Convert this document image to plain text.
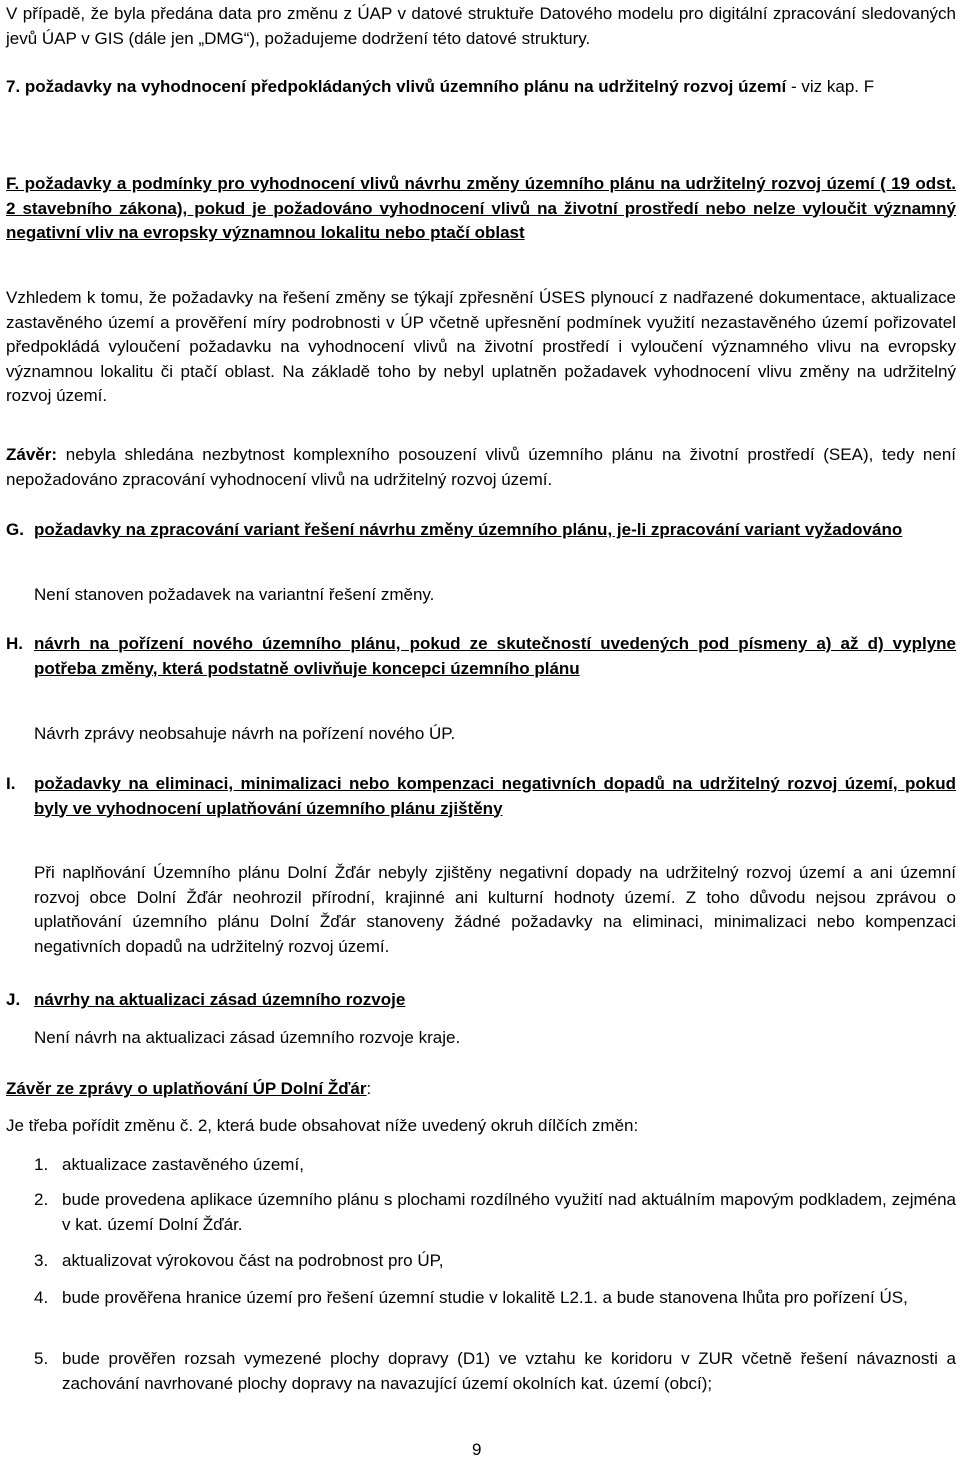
V případě, že byla předána data pro změnu z ÚAP v datové struktuře Datového modelu pro digitální zpracování sledovaných jevů ÚAP v GIS (dále jen „DMG“), požadujeme dodržení této datové struktury.

7. požadavky na vyhodnocení předpokládaných vlivů územního plánu na udržitelný rozvoj území - viz kap. F

F. požadavky a podmínky pro vyhodnocení vlivů návrhu změny územního plánu na udržitelný rozvoj území ( 19 odst. 2 stavebního zákona), pokud je požadováno vyhodnocení vlivů na životní prostředí nebo nelze vyloučit významný negativní vliv na evropsky významnou lokalitu nebo ptačí oblast

Vzhledem k tomu, že požadavky na řešení změny se týkají zpřesnění ÚSES plynoucí z nadřazené dokumentace, aktualizace zastavěného území a prověření míry podrobnosti v ÚP včetně upřesnění podmínek využití nezastavěného území pořizovatel předpokládá vyloučení požadavku na vyhodnocení vlivů na životní prostředí i vyloučení významného vlivu na evropsky významnou lokalitu či ptačí oblast. Na základě toho by nebyl uplatněn požadavek vyhodnocení vlivu změny na udržitelný rozvoj území.

Závěr: nebyla shledána nezbytnost komplexního posouzení vlivů územního plánu na životní prostředí (SEA), tedy není nepožadováno zpracování vyhodnocení vlivů na udržitelný rozvoj území.

G. požadavky na zpracování variant řešení návrhu změny územního plánu, je-li zpracování variant vyžadováno

Není stanoven požadavek na variantní řešení změny.

H. návrh na pořízení nového územního plánu, pokud ze skutečností uvedených pod písmeny a) až d) vyplyne potřeba změny, která podstatně ovlivňuje koncepci územního plánu

Návrh zprávy neobsahuje návrh na pořízení nového ÚP.

I.	požadavky na eliminaci, minimalizaci nebo kompenzaci negativních dopadů na udržitelný rozvoj území, pokud byly ve vyhodnocení uplatňování územního plánu zjištěny

Při naplňování Územního plánu Dolní Žďár nebyly zjištěny negativní dopady na udržitelný rozvoj území a ani územní rozvoj obce Dolní Žďár neohrozil přírodní, krajinné ani kulturní hodnoty území. Z toho důvodu nejsou zprávou o uplatňování územního plánu Dolní Žďár stanoveny žádné požadavky na eliminaci, minimalizaci nebo kompenzaci negativních dopadů na udržitelný rozvoj území.

J. návrhy na aktualizaci zásad územního rozvoje

Není návrh na aktualizaci zásad územního rozvoje kraje.

Závěr ze zprávy o uplatňování ÚP Dolní Žďár:

Je třeba pořídit změnu č. 2, která bude obsahovat níže uvedený okruh dílčích změn:

1. aktualizace zastavěného území,
2. bude provedena aplikace územního plánu s plochami rozdílného využití nad aktuálním mapovým podkladem, zejména v kat. území Dolní Žďár.
3. aktualizovat výrokovou část na podrobnost pro ÚP,
4. bude prověřena hranice území pro řešení územní studie v lokalitě L2.1. a bude stanovena lhůta pro pořízení ÚS,
5. bude prověřen rozsah vymezené plochy dopravy (D1) ve vztahu ke koridoru v ZUR včetně řešení návaznosti a zachování navrhované plochy dopravy na navazující území okolních kat. území (obcí);
9
